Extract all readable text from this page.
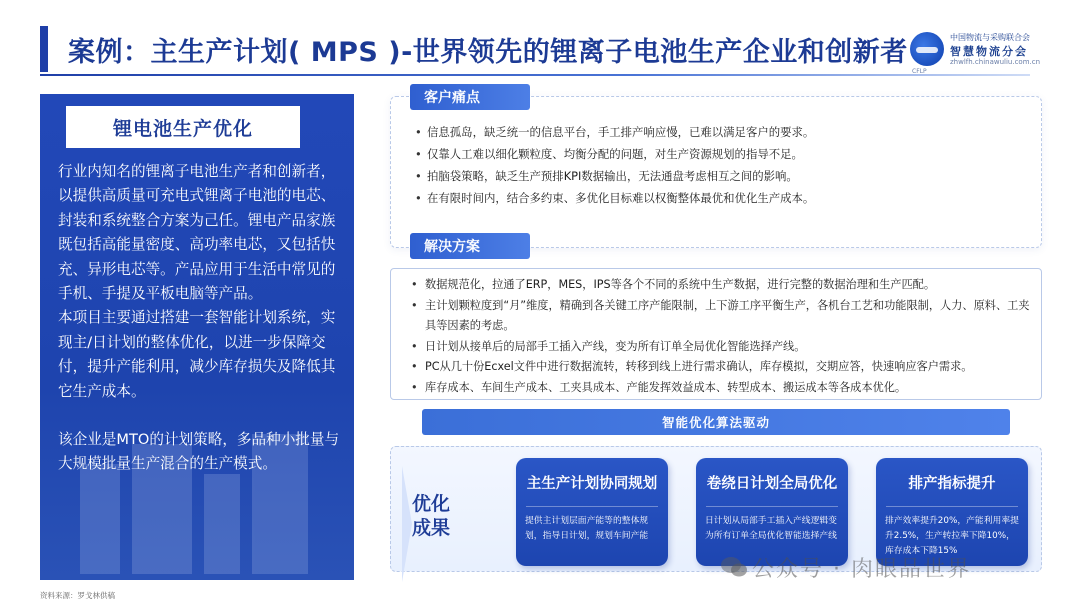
案例：主生产计划( MPS )-世界领先的锂离子电池生产企业和创新者	中国物流与采购联合会
智慧物流分会
zhwlfh.chinawuliu.com.cn
CFLP
锂电池生产优化

行业内知名的锂离子电池生产者和创新者，以提供高质量可充电式锂离子电池的电芯、封装和系统整合方案为己任。锂电产品家族既包括高能量密度、高功率电芯，又包括快充、异形电芯等。产品应用于生活中常见的手机、手提及平板电脑等产品。

本项目主要通过搭建一套智能计划系统，实现主/日计划的整体优化，以进一步保障交付，提升产能利用，减少库存损失及降低其它生产成本。

该企业是MTO的计划策略，多品种小批量与大规模批量生产混合的生产模式。

• 信息孤岛，缺乏统一的信息平台，手工排产响应慢，已难以满足客户的要求。
• 仅靠人工难以细化颗粒度、均衡分配的问题，对生产资源规划的指导不足。
• 拍脑袋策略，缺乏生产预排KPI数据输出，无法通盘考虑相互之间的影响。
• 在有限时间内，结合多约束、多优化目标难以权衡整体最优和优化生产成本。
客户痛点
• 数据规范化，拉通了ERP，MES，IPS等各个不同的系统中生产数据，进行完整的数据治理和生产匹配。
• 主计划颗粒度到“月”维度，精确到各关键工序产能限制，上下游工序平衡生产，各机台工艺和功能限制，人力、原料、工夹具等因素的考虑。
• 日计划从接单后的局部手工插入产线，变为所有订单全局优化智能选择产线。
• PC从几十份Ecxel文件中进行数据流转，转移到线上进行需求确认，库存模拟，交期应答，快速响应客户需求。
• 库存成本、车间生产成本、工夹具成本、产能发挥效益成本、转型成本、搬运成本等各成本优化。
解决方案
智能优化算法驱动
优化
成果
主生产计划协同规划
提供主计划层面产能等的整体规划，指导日计划，规划车间产能
卷绕日计划全局优化
日计划从局部手工插入产线逻辑变为所有订单全局优化智能选择产线
排产指标提升
排产效率提升20%，产能利用率提升2.5%，生产转拉率下降10%，库存成本下降15%
资料来源：罗戈林供稿
公众号 · 肉眼品世界
